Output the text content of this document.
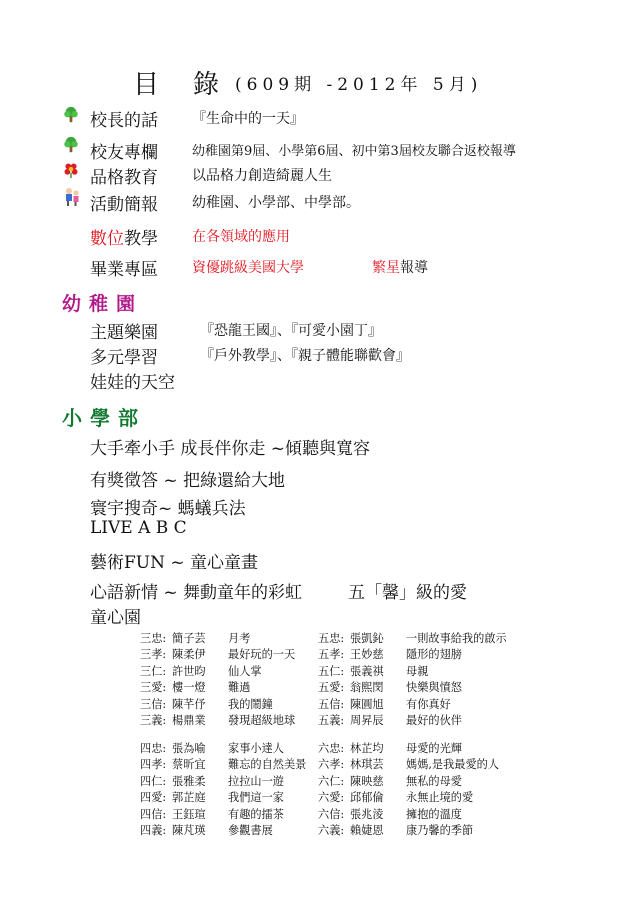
目錄
(609期 -2012年 5月)
校長的話 『生命中的一天』
校友專欄	幼稚園第9屆、小學第6屆、初中第3屆校友聯合返校報導
品格教育 以品格力創造綺麗人生
活動簡報 幼稚園、小學部、中學部。
數位教學 在各領域的應用
畢業專區 資優跳級美國大學	繁星報導
幼稚園
主題樂園	『恐龍王國』、『可愛小園丁』
多元學習	『戶外教學』、『親子體能聯歡會』
娃娃的天空
小學部
大手牽小手 成長伴你走 ~傾聽與寬容
有獎徵答 ~ 把綠還給大地
寰宇搜奇~ 螞蟻兵法
LIVE A B C
藝術FUN ~ 童心童畫
心語新情 ~ 舞動童年的彩虹	五「馨」級的愛
童心園
三忠: 簡子芸 月考
三孝: 陳柔伊 最好玩的一天
三仁: 許世昀 仙人掌
三愛: 樓一燈 難過
三信: 陳芊伃 我的鬧鐘
三義: 楊鼎業 發現超級地球
五忠: 張凱鈊 一則故事給我的啟示
五孝: 王妙慈 隱形的翅膀
五仁: 張義祺 母親
五愛: 翁熙閔 快樂與憤怒
五信: 陳圓旭 有你真好
五義: 周昇辰 最好的伙伴
四忠: 張為喻 家事小達人
四孝: 蔡昕宜 難忘的自然美景
四仁: 張雅柔 拉拉山一遊
四愛: 郭芷庭 我們這一家
四信: 王鈺瑄 有趣的擂茶
四義: 陳芃瑛 參觀書展
六忠: 林芷均 母愛的光輝
六孝: 林琪芸 媽媽,是我最愛的人
六仁: 陳映慈 無私的母愛
六愛: 邱郁倫 永無止境的愛
六信: 張兆淩 擁抱的溫度
六義: 賴婕恩 康乃馨的季節
